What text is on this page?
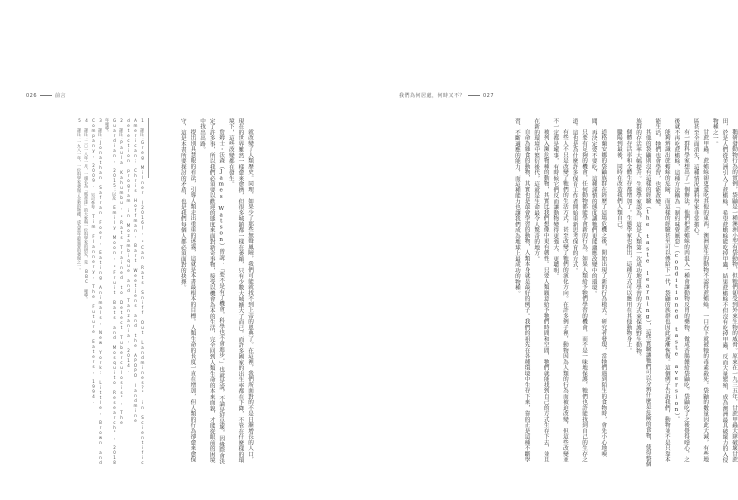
026	前言

就改變了人類歷史。同理，如果少了那些無聲風險，我們可能就找不到上帝的恩典了。在這裡，我們所面對的不是日漸增長的人口，現在的世界雖然一樣愈來愈擠，但很多城鎮都一樣在萎縮，只有少數大城擴大了而已。而許多國家的出生率都在下降，不管在什麼樣的環境下，這些改變都在發生。

詹姆士・沃森（James Watson）曾說：「要不是有了機會，科學也不會進步。」也就是說，不論是好是壞，因緣際會決定了許多事，所以我們必須要以歡迎的態度來面對新奇事物，接受以機會為本的生活，完全回到人類生命的本來面貌，才能從眼前的困境中找出出路。

提出別具慧眼的看法，引導人類走出重重的迷霧，這就是本書最根本的目標。人類生命的長度一直在增加，但人類的行為卻愈來愈保守，這是本書所要探討的矛盾，也是我們每個人都必須面對的抉擇。

1 譯注：Greg Milner (2016), "Can Rats Sniff Out Landmines?" in Scientific American; Chris Hoffman, Bart Weetjens and the APOPO landmine detection program in Mozambique and Tanzania, 2014.

2 譯注：Paula Kahumbu, "Rats Trained to Detect Tuberculosis", The Guardian, 2015；以及 Emily Moon, "Fruit Bats and Mosquito Research", 2018 年報導。

3 譯注：Jonathan Safran Foer, Eating Animals, New York: Little, Brown and Company, 2009. 另可參考 Tim Flannery, The Future Eaters, 1994.

4 譯注：二〇一八年一月，一頭名為「瑪蒂達」的大象與一位科學家的研究，見 BBC 報導。

5 譯注：一九八一年，一位科學家發現了全新的物種，成為當年最重要的發現之一。

我們為何居處，何時又不？	027

鵝研發動物行為的實例，袋鼬是一種澳洲小型有袋動物，但牠們卻受到外來生物的威脅。原來在一九三五年，甘蔗甲蟲大肆破壞甘蔗田，於是人們從美洲引入了蔗蟾蜍，希望蔗蟾蜍能吃掉甲蟲，結果蔗蟾蜍不但沒有吃掉甲蟲，反而大量繁殖，成為澳洲最具破壞力的入侵物種之一。

甘蔗甲蟲，蔗蟾蜍卻更愛吃其他的東西，澳洲原生的動物不認得蔗蟾蜍，一口吞下就被牠的毒素殺死。袋鼬的數量因此大減，有些地區甚至全面消失，這種情況讓科學家非常擔心。

有一群科學家想出了一個辦法，他們把蔗蟾蜍的肉混入一種會讓動物反胃的藥物，做成香腸餵給袋鼬吃。袋鼬吃了之後覺得噁心，之後就不再吃蔗蟾蜍，這種方法稱為「制約味覺厭惡」（conditioned taste aversion）。

能夠辨識出蔗蟾蜍的危險，而這樣的經驗甚至可以傳給下一代，袋鼬的族群也因此逐漸恢復。這個例子告訴我們，動物並不是只靠本能生活，牠們也會學習，也能改變。

其他的袋鼬則沒有這樣的經驗（the taste learning），這些實驗讓牠們可以分辨什麼是危險的食物，使得整個族群的存活率大幅提升。生態學家認為，這是人類第一次成功地用學習的方式來保護野生動物。

個體存活率和全體生存都增加了。生態學家也指出，這種方式可以應用在其他動物身上。

臘陽到最後，同時在改造我們人類自己。

道格蘭安娜的袋鼬族群在經歷了這場危機之後，開始出現了新的行為模式。研究者發現，當牠們遇到陌生的食物時，會先小心地嗅聞，再決定要不要吃，這種謹慎的態度讓牠們更能適應改變中的環境。

只要有足夠的機會，任何動物都能學會新的行為。如果人類給予牠們學習的機會，而不是一味地保護，牠們也許能找到自己的生存之道。這也是為什麼許多保育工作者開始重新思考保育的方式。

有些人不只是改變了牠們的生活方式，甚至改變了牠們的演化方向。在許多例子裡，動物因為人類的行為而被迫改變，但這些改變並不一定都是壞事，有時候它們反而讓動物變得更強大、更聰明。

被列入瀕危物種的動物，其實比我們想像中更有韌性。只要人類願意給予牠們時間和空間，牠們就能找到自己的方式生存下去，並且在新的環境中繁衍後代，這就是生命最令人驚奇的地方。

自命為雜食的動物，其實也是最會學習的動物，人類本身就是最好的例子。我們的祖先在各種環境中生存下來，靠的正是這種不斷學習、不斷適應的能力，而這種能力也讓我們成為地球上最成功的物種。
